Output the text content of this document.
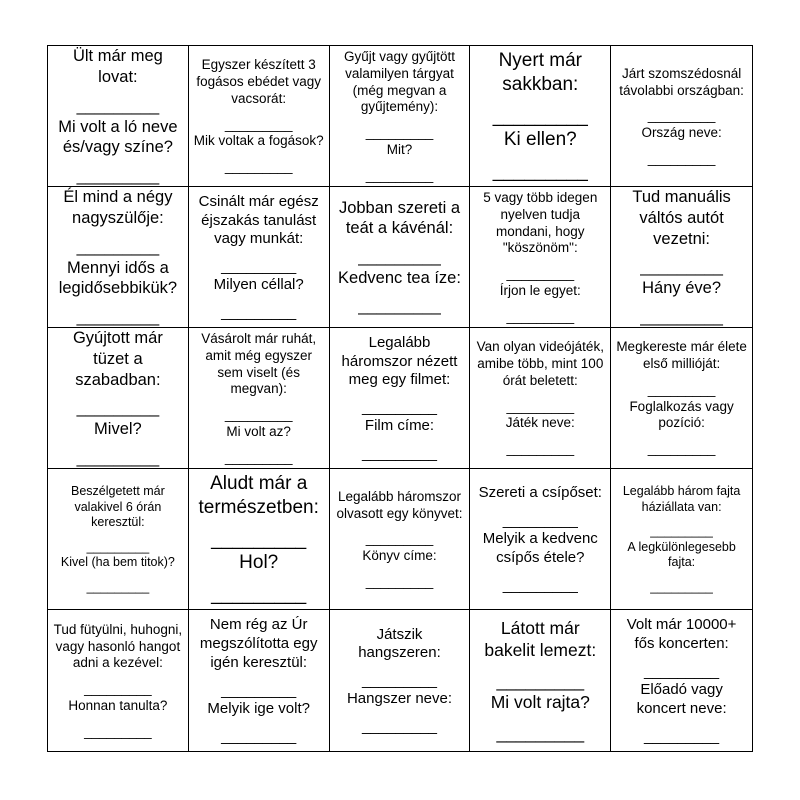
Ült már meg lovat:
_________
Mi volt a ló neve és/vagy színe?
_________
Egyszer készített 3 fogásos ebédet vagy vacsorát:
_________
Mik voltak a fogások?
_________
Gyűjt vagy gyűjtött valamilyen tárgyat (még megvan a gyűjtemény):
_________
Mit?
_________
Nyert már sakkban:
_________
Ki ellen?
_________
Járt szomszédosnál távolabbi országban:
_________
Ország neve:
_________
Él mind a négy nagyszülője:
_________
Mennyi idős a legidősebbikük?
_________
Csinált már egész éjszakás tanulást vagy munkát:
_________
Milyen céllal?
_________
Jobban szereti a teát a kávénál:
_________
Kedvenc tea íze:
_________
5 vagy több idegen nyelven tudja mondani, hogy "köszönöm":
_________
Írjon le egyet:
_________
Tud manuális váltós autót vezetni:
_________
Hány éve?
_________
Gyújtott már tüzet a szabadban:
_________
Mivel?
_________
Vásárolt már ruhát, amit még egyszer sem viselt (és megvan):
_________
Mi volt az?
_________
Legalább háromszor nézett meg egy filmet:
_________
Film címe:
_________
Van olyan videójáték, amibe több, mint 100 órát beletett:
_________
Játék neve:
_________
Megkereste már élete első millióját:
_________
Foglalkozás vagy pozíció:
_________
Beszélgetett már valakivel 6 órán keresztül:
_________
Kivel (ha bem titok)?
_________
Aludt már a természetben:
_________
Hol?
_________
Legalább háromszor olvasott egy könyvet:
_________
Könyv címe:
_________
Szereti a csípőset:
_________
Melyik a kedvenc csípős étele?
_________
Legalább három fajta háziállata van:
_________
A legkülönlegesebb fajta:
_________
Tud fütyülni, huhogni, vagy hasonló hangot adni a kezével:
_________
Honnan tanulta?
_________
Nem rég az Úr megszólította egy igén keresztül:
_________
Melyik ige volt?
_________
Játszik hangszeren:
_________
Hangszer neve:
_________
Látott már bakelit lemezt:
_________
Mi volt rajta?
_________
Volt már 10000+ fős koncerten:
_________
Előadó vagy koncert neve:
_________
